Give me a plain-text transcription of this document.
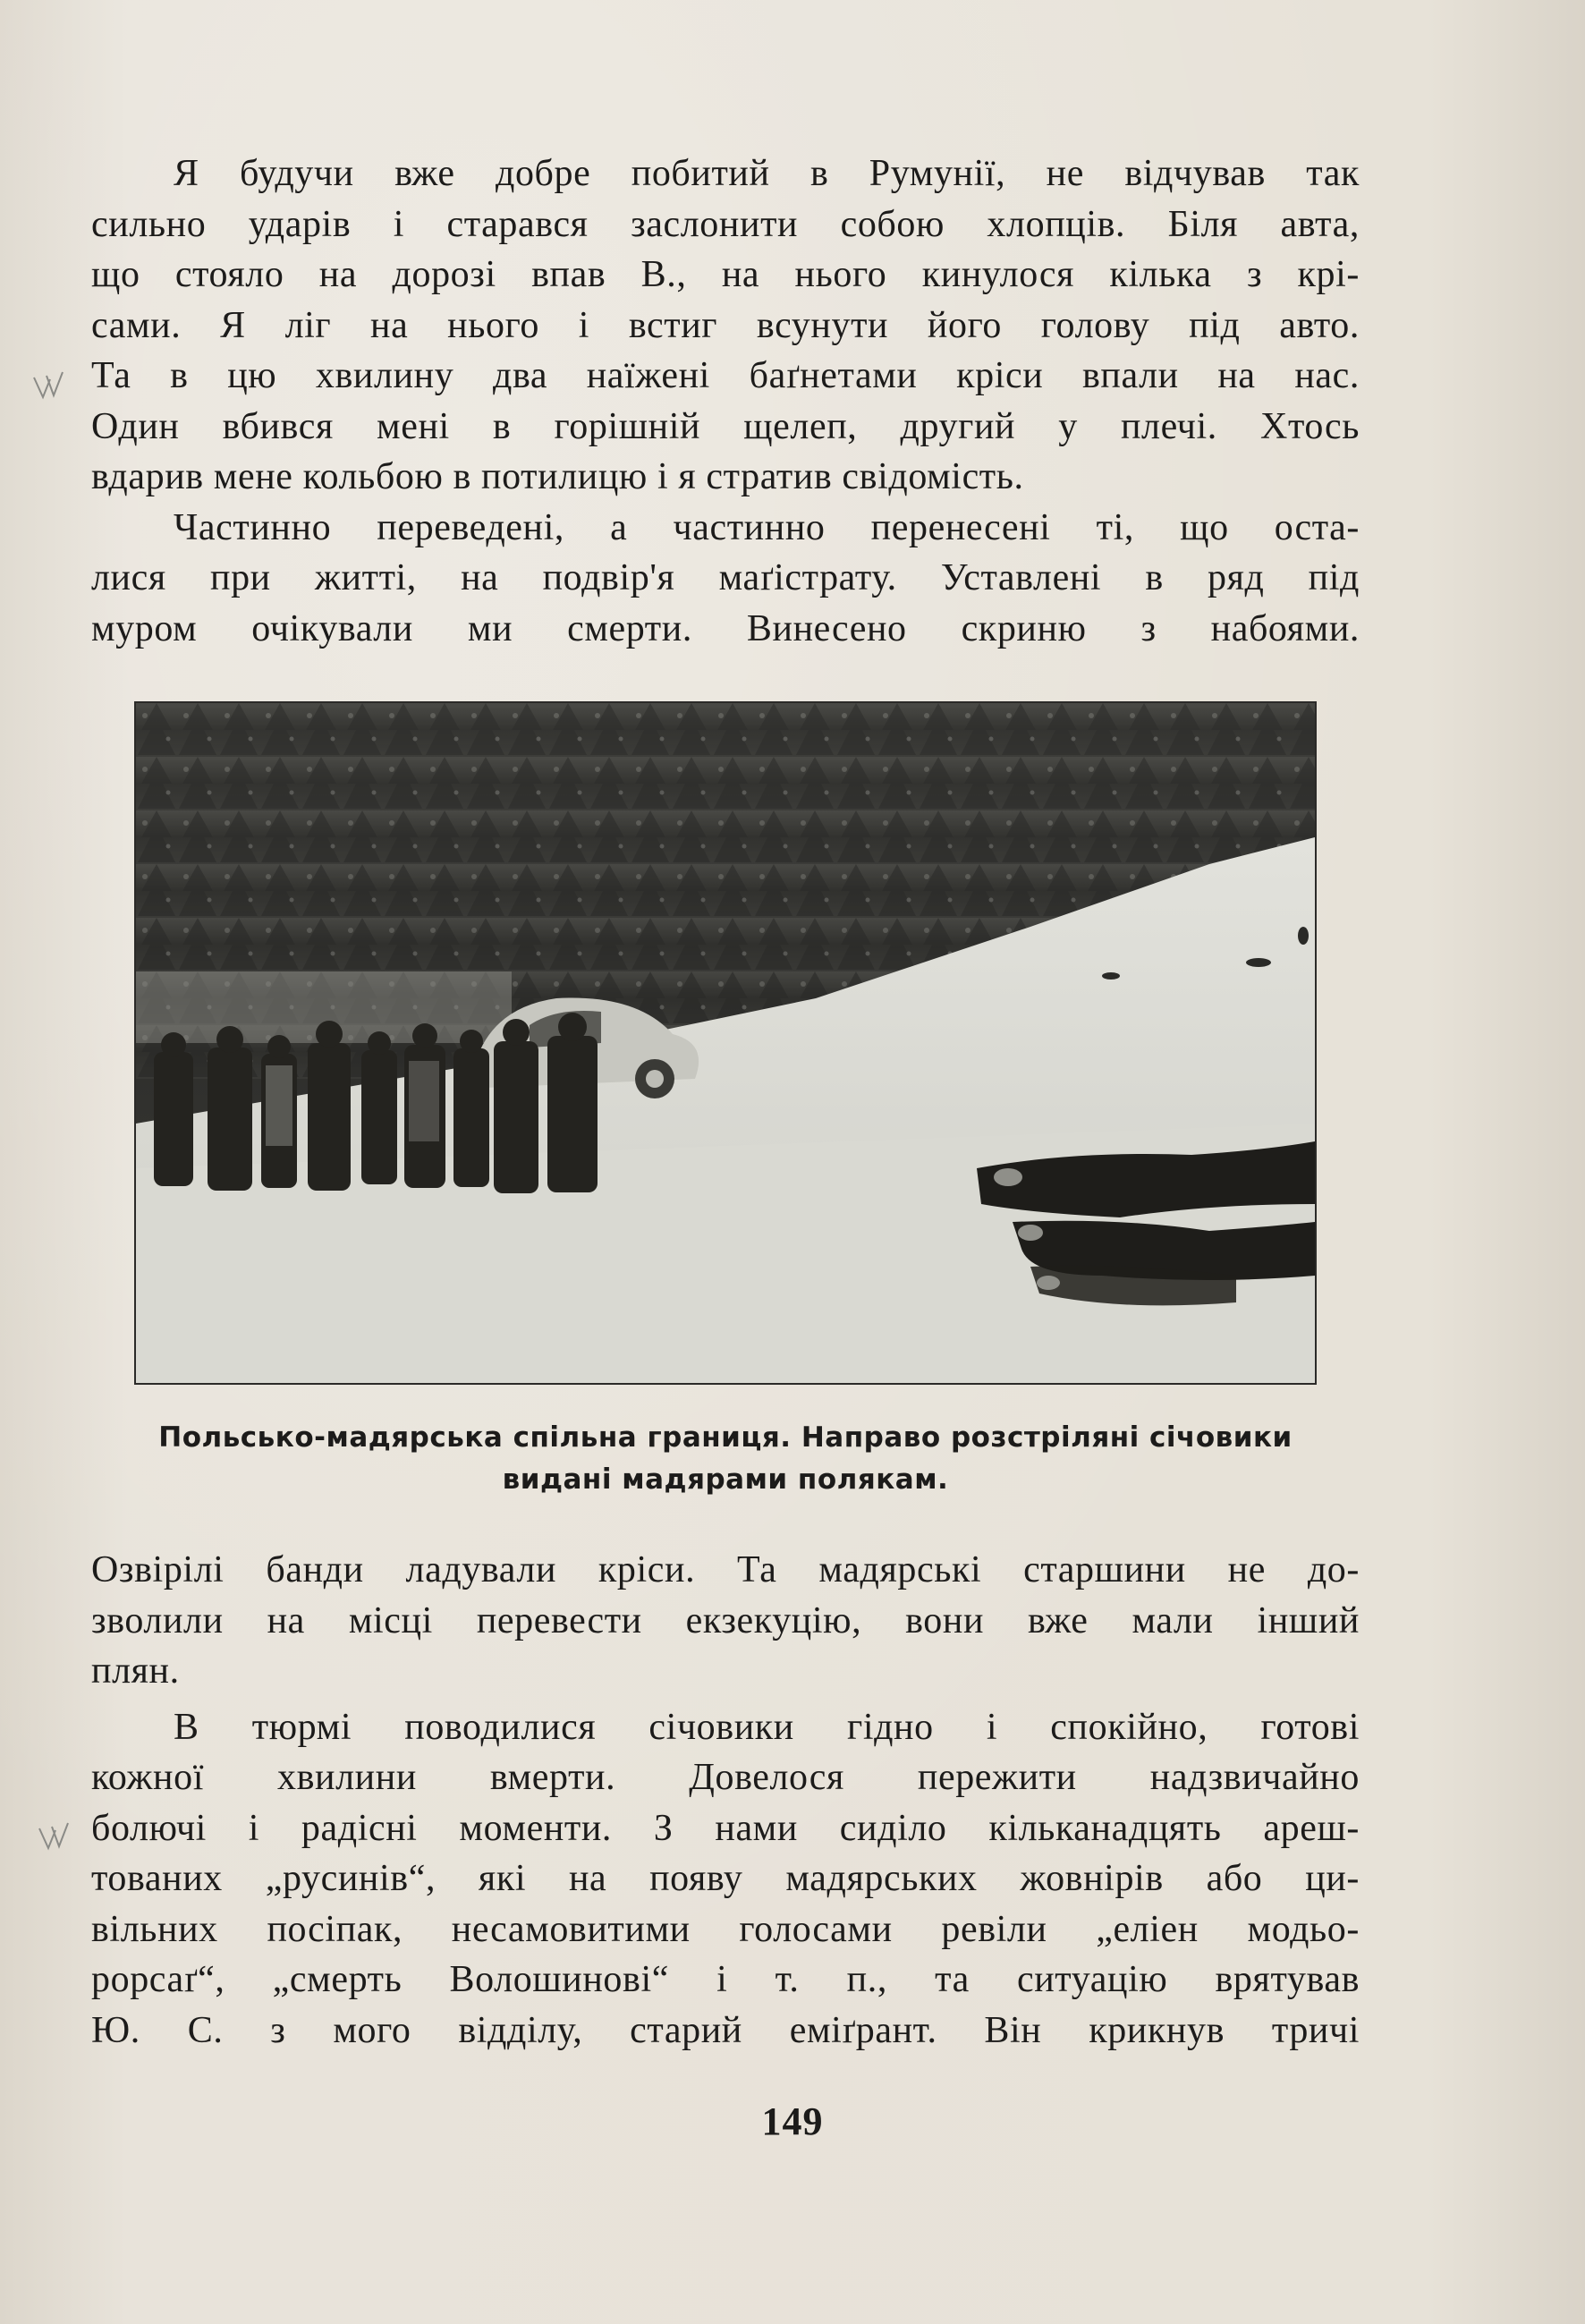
Я будучи вже добре побитий в Румунії, не відчував так
сильно ударів і старався заслонити собою хлопців. Біля авта,
що стояло на дорозі впав В., на нього кинулося кілька з крі-
сами. Я ліг на нього і встиг всунути його голову під авто.
Та в цю хвилину два наїжені баґнетами кріси впали на нас.
Один вбився мені в горішній щелеп, другий у плечі. Хтось
вдарив мене кольбою в потилицю і я стратив свідомість.
Частинно переведені, а частинно перенесені ті, що оста-
лися при житті, на подвір'я маґістрату. Уставлені в ряд під
муром очікували ми смерти. Винесено скриню з набоями.
Польсько-мадярська спільна границя. Направо розстріляні січовики
видані мадярами полякам.
Озвірілі банди ладували кріси. Та мадярські старшини не до-
зволили на місці перевести екзекуцію, вони вже мали інший
плян.
В тюрмі поводилися січовики гідно і спокійно, готові
кожної хвилини вмерти. Довелося пережити надзвичайно
болючі і радісні моменти. З нами сиділо кільканадцять ареш-
тованих „русинів“, які на появу мадярських жовнірів або ци-
вільних посіпак, несамовитими голосами ревіли „еліен модьо-
рорсаґ“, „смерть Волошинові“ і т. п., та ситуацію врятував
Ю. С. з мого відділу, старий еміґрант. Він крикнув тричі
149
